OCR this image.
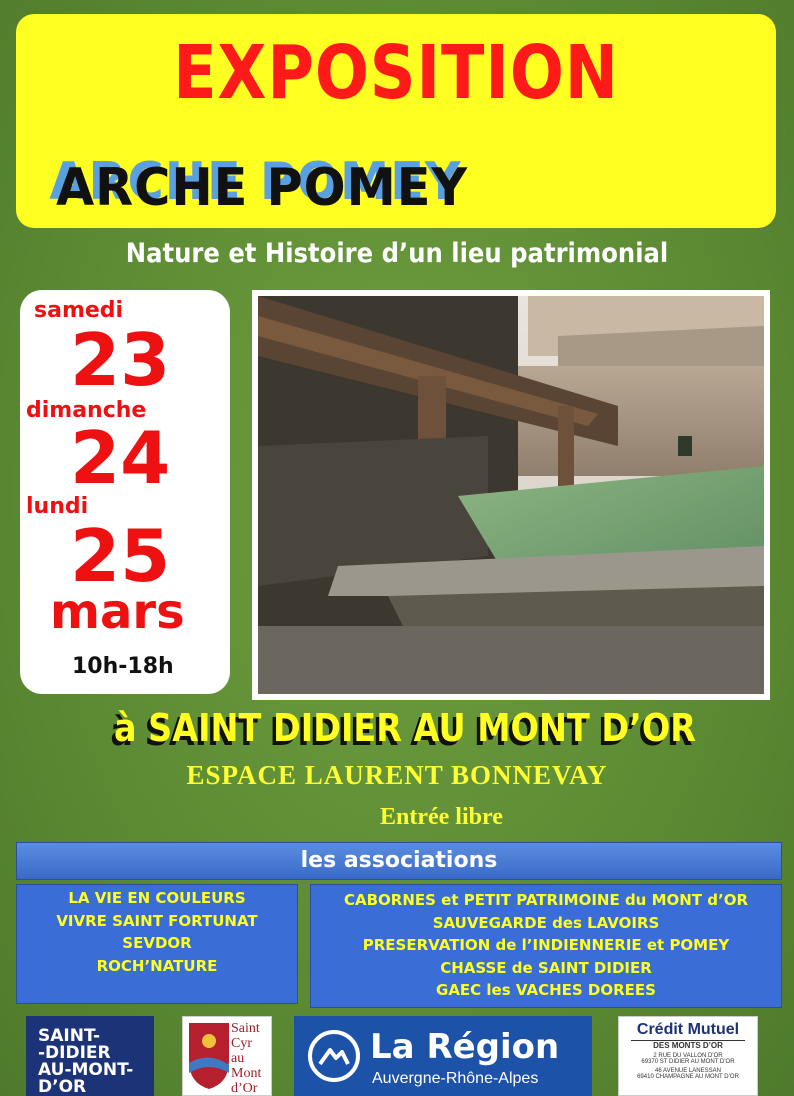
EXPOSITION
ARCHE POMEY
Nature et Histoire d’un lieu patrimonial
samedi
23
dimanche
24
lundi
25
mars
10h-18h
à SAINT DIDIER AU MONT D’OR
ESPACE LAURENT BONNEVAY
Entrée libre
les associations
LA VIE EN COULEURS
VIVRE SAINT FORTUNAT
SEVDOR
ROCH’NATURE
CABORNES et PETIT PATRIMOINE du MONT d’OR
SAUVEGARDE des LAVOIRS
PRESERVATION de l’INDIENNERIE et POMEY
CHASSE de SAINT DIDIER
GAEC les VACHES DOREES
SAINT-
-DIDIER
AU-MONT-
D’OR
Saint
Cyr
au
Mont
d’Or
La Région
Auvergne-Rhône-Alpes
Crédit Mutuel
DES MONTS D’OR
2 RUE DU VALLON D’OR
69370 ST DIDIER AU MONT D’OR
46 AVENUE LANESSAN
69410 CHAMPAGNE AU MONT D’OR
